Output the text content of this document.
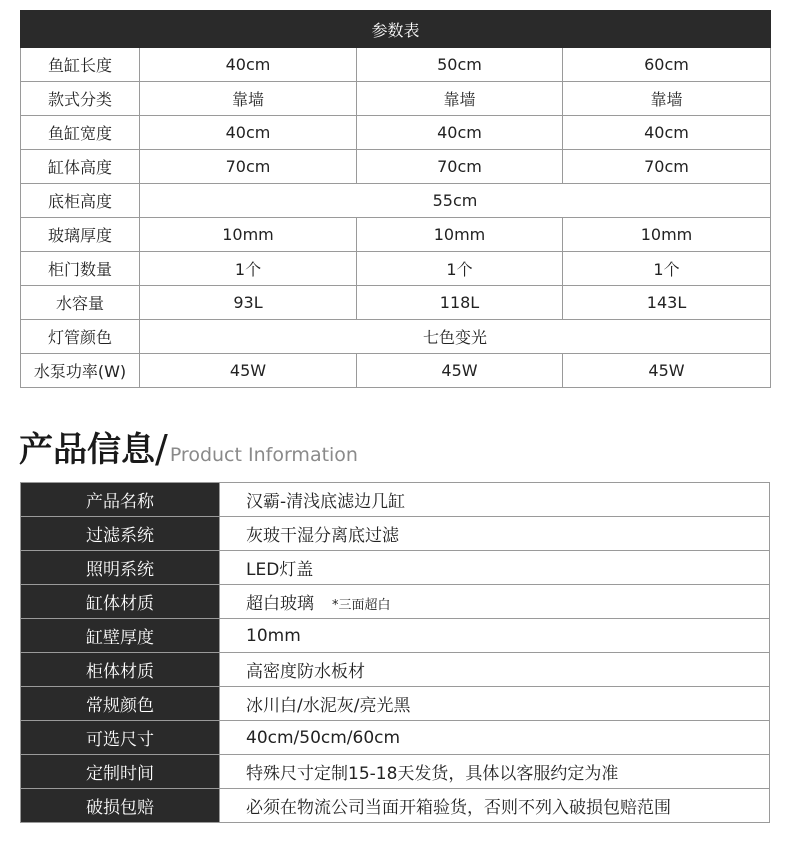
参数表			
鱼缸长度	40cm	50cm	60cm
款式分类	靠墙	靠墙	靠墙
鱼缸宽度	40cm	40cm	40cm
缸体高度	70cm	70cm	70cm
底柜高度	55cm		
玻璃厚度	10mm	10mm	10mm
柜门数量	1个	1个	1个
水容量	93L	118L	143L
灯管颜色	七色变光		
水泵功率(W)	45W	45W	45W
产品信息 / Product Information
产品名称	汉霸-清浅底滤边几缸
过滤系统	灰玻干湿分离底过滤
照明系统	LED灯盖
缸体材质	超白玻璃 *三面超白
缸壁厚度	10mm
柜体材质	高密度防水板材
常规颜色	冰川白/水泥灰/亮光黑
可选尺寸	40cm/50cm/60cm
定制时间	特殊尺寸定制15-18天发货，具体以客服约定为准
破损包赔	必须在物流公司当面开箱验货，否则不列入破损包赔范围
